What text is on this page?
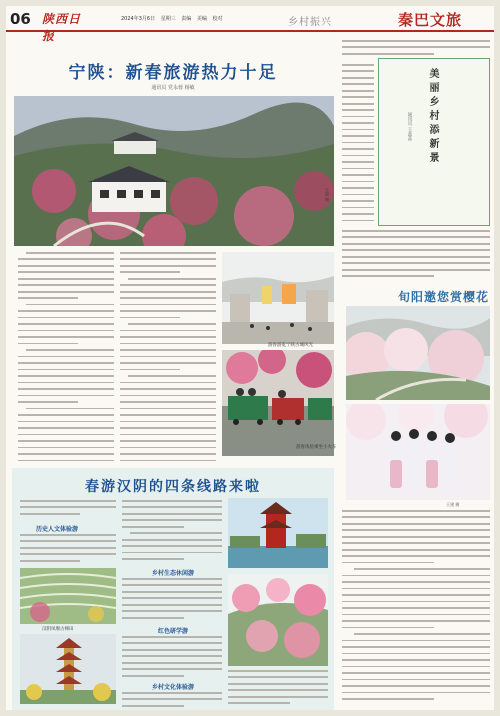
06 陕西日报
2024年3月6日 星期三 责编 美编 校对	乡村振兴	秦巴文旅
宁陕：新春旅游热力十足
通讯员 党永蓉 杨敏
王晨 摄
游客游览宁陕古城风光
游客体验乘坐小火车
美丽乡村添新景
通讯员 王蕊蕊
旬阳邀您赏樱花
王建 摄
春游汉阴的四条线路来啦
历史人文体验游
汉阴凤堰古梯田
乡村生态休闲游
红色研学游
乡村文化体验游
